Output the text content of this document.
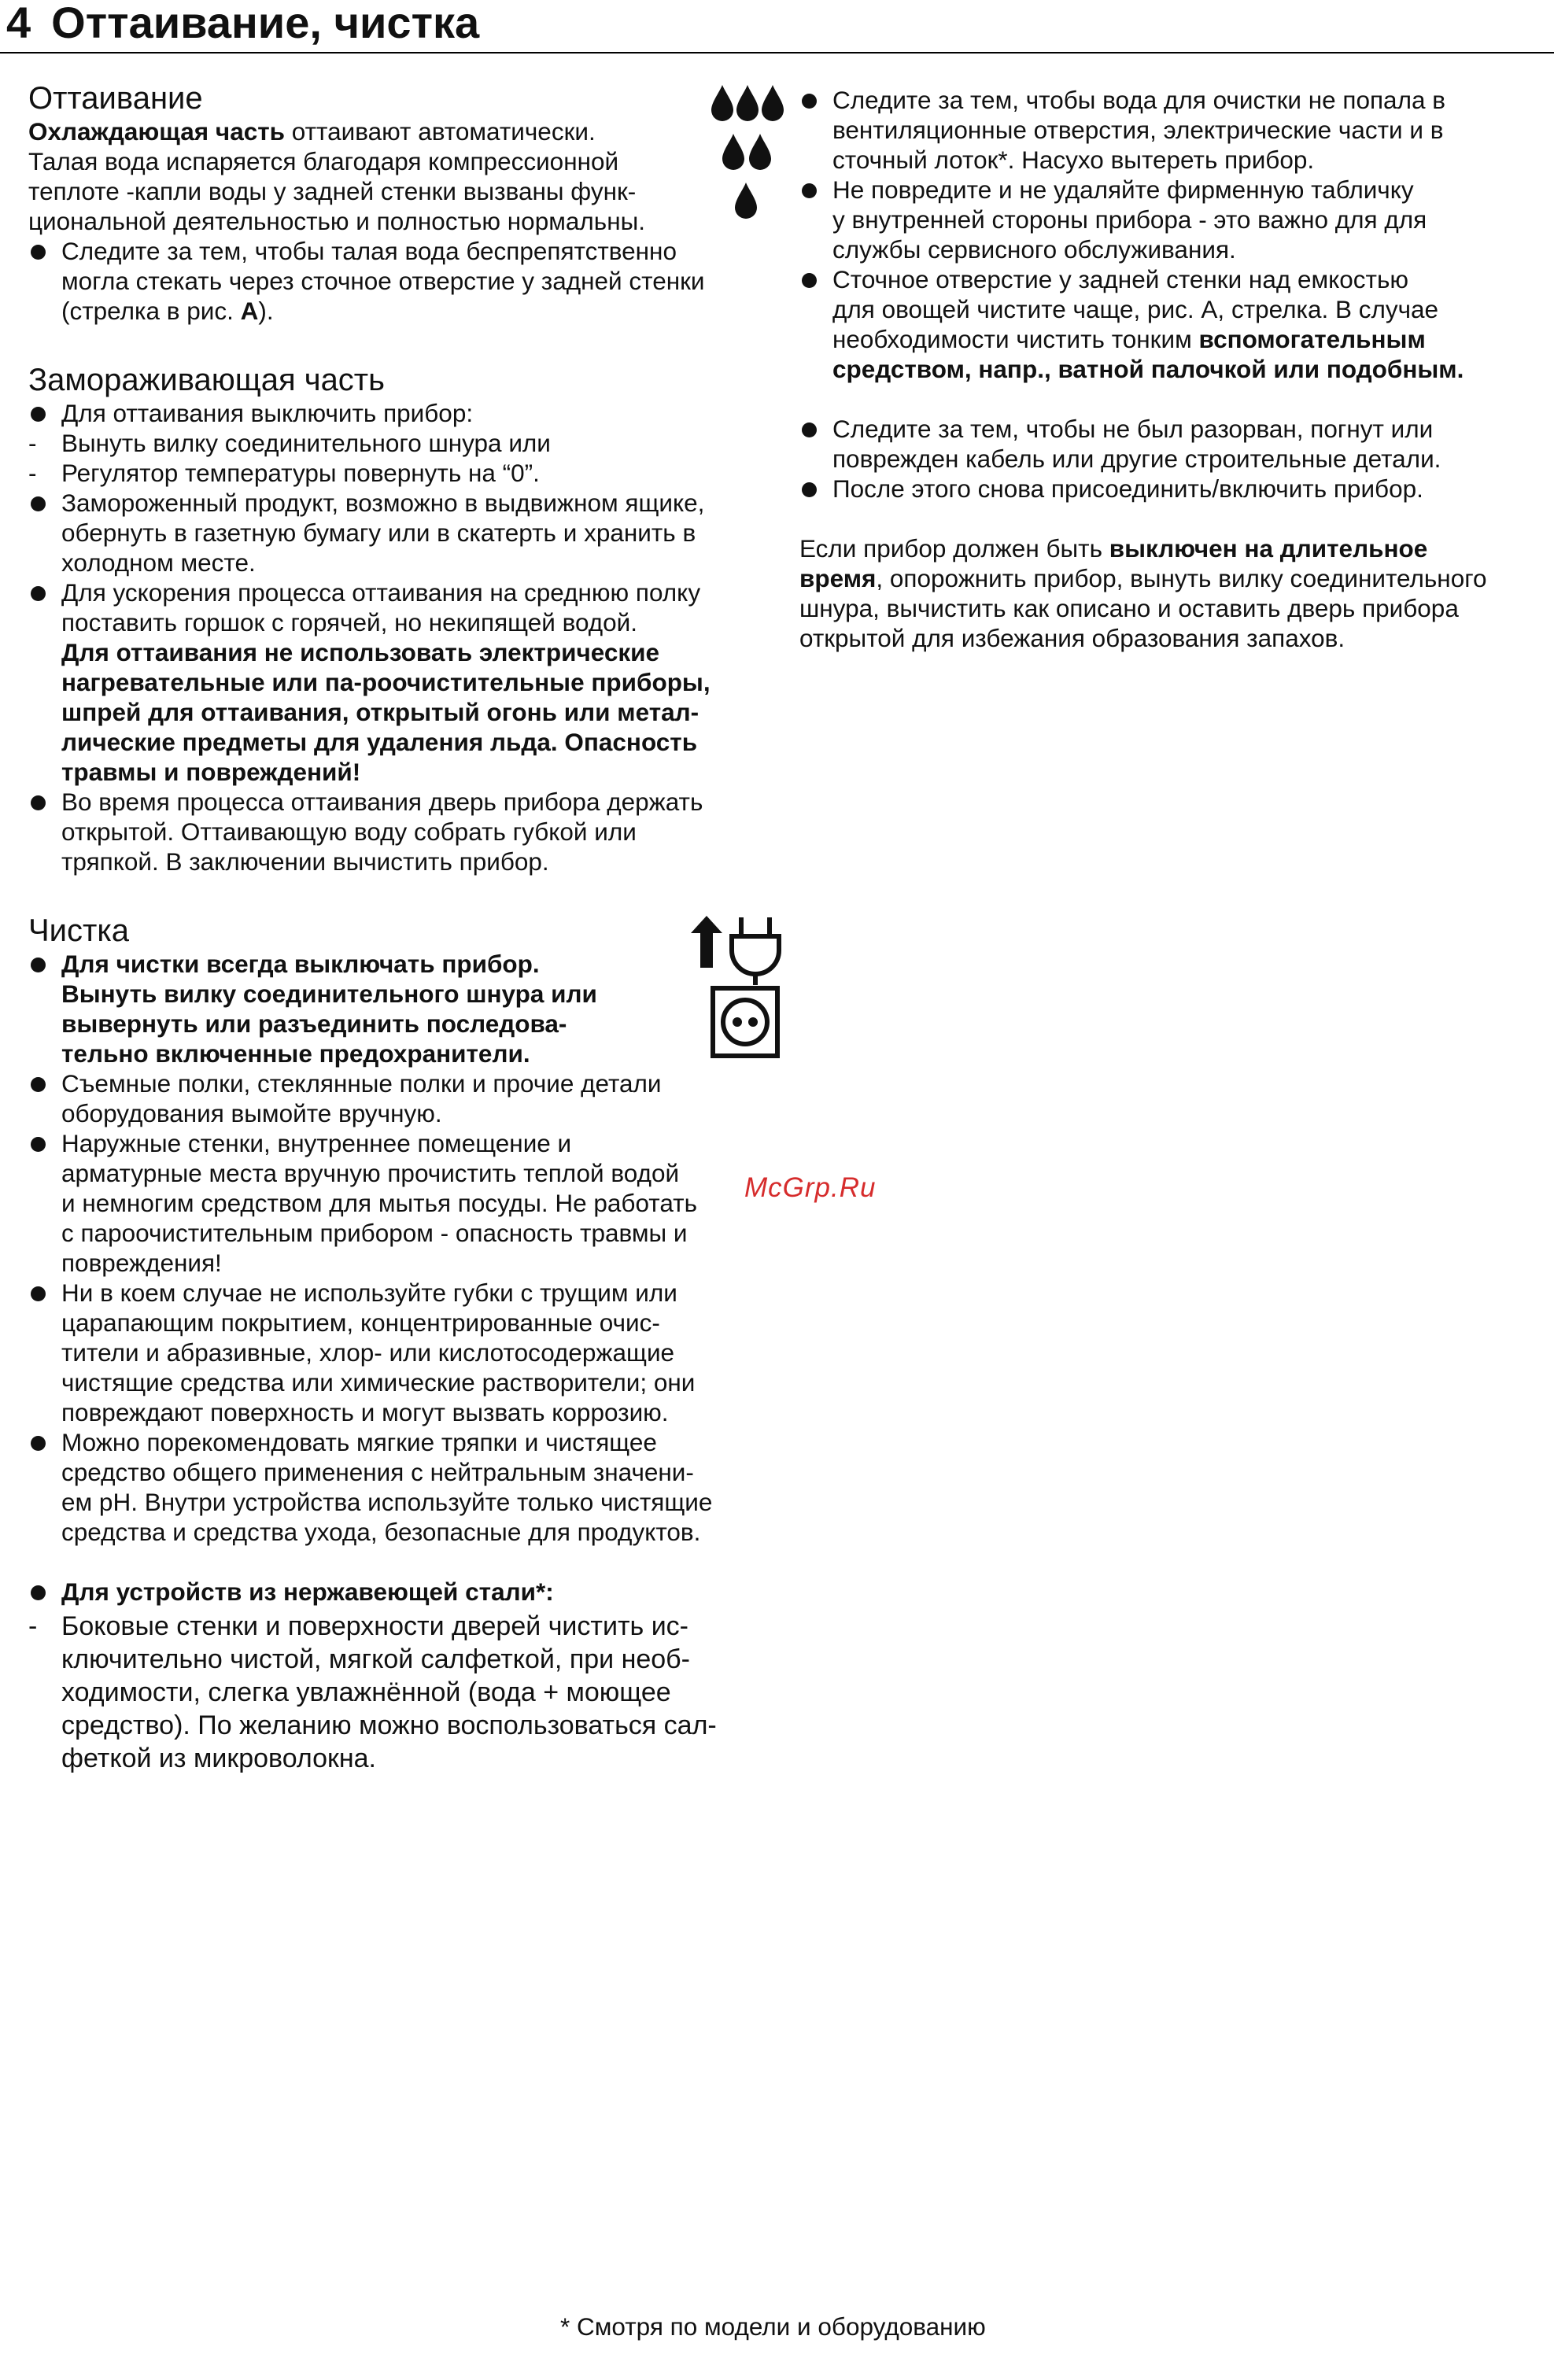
4 Оттаивание, чистка
Оттаивание

Охлаждающая часть оттаивают автоматически.

Талая вода испаряется благодаря компрессионной

теплоте -капли воды у задней стенки вызваны функ-

циональной деятельностью и полностью нормальны.

Следите за тем, чтобы талая вода беспрепятственно

могла стекать через сточное отверстие у задней стенки

(стрелка в рис. А).

Замораживающая часть

Для оттаивания выключить прибор:

- Вынуть вилку соединительного шнура или

- Регулятор температуры повернуть на “0”.

Замороженный продукт, возможно в выдвижном ящике,

обернуть в газетную бумагу или в скатерть и хранить в

холодном месте.

Для ускорения процесса оттаивания на среднюю полку

поставить горшок с горячей, но некипящей водой.

Для оттаивания не использовать электрические

нагревательные или па-роочистительные приборы,

шпрей для оттаивания, открытый огонь или метал-

лические предметы для удаления льда. Опасность

травмы и повреждений!

Во время процесса оттаивания дверь прибора держать

открытой. Оттаивающую воду собрать губкой или

тряпкой. В заключении вычистить прибор.

Чистка

Для чистки всегда выключать прибор.

Вынуть вилку соединительного шнура или

вывернуть или разъединить последова-

тельно включенные предохранители.

Съемные полки, стеклянные полки и прочие детали

оборудования вымойте вручную.

Наружные стенки, внутреннее помещение и

арматурные места вручную прочистить теплой водой

и немногим средством для мытья посуды. Не работать

с пароочистительным прибором - опасность травмы и

повреждения!

Ни в коем случае не используйте губки с трущим или

царапающим покрытием, концентрированные очис-

тители и абразивные, хлор- или кислотосодержащие

чистящие средства или химические растворители; они

повреждают поверхность и могут вызвать коррозию.

Можно порекомендовать мягкие тряпки и чистящее

средство общего применения с нейтральным значени-

ем pH. Внутри устройства используйте только чистящие

средства и средства ухода, безопасные для продуктов.

Для устройств из нержавеющей стали*:

- Боковые стенки и поверхности дверей чистить ис-

ключительно чистой, мягкой салфеткой, при необ-

ходимости, слегка увлажнённой (вода + моющее

средство). По желанию можно воспользоваться сал-

феткой из микроволокна.

Следите за тем, чтобы вода для очистки не попала в

вентиляционные отверстия, электрические части и в

сточный лоток*. Насухо вытереть прибор.

Не повредите и не удаляйте фирменную табличку

у внутренней стороны прибора - это важно для для

службы сервисного обслуживания.

Сточное отверстие у задней стенки над емкостью

для овощей чистите чаще, рис. А, стрелка. В случае

необходимости чистить тонким вспомогательным

средством, напр., ватной палочкой или подобным.

Следите за тем, чтобы не был разорван, погнут или

поврежден кабель или другие строительные детали.

После этого снова присоединить/включить прибор.

Если прибор должен быть выключен на длительное

время, опорожнить прибор, вынуть вилку соединительного

шнура, вычистить как описано и оставить дверь прибора

открытой для избежания образования запахов.

McGrp.Ru
* Смотря по модели и оборудованию
